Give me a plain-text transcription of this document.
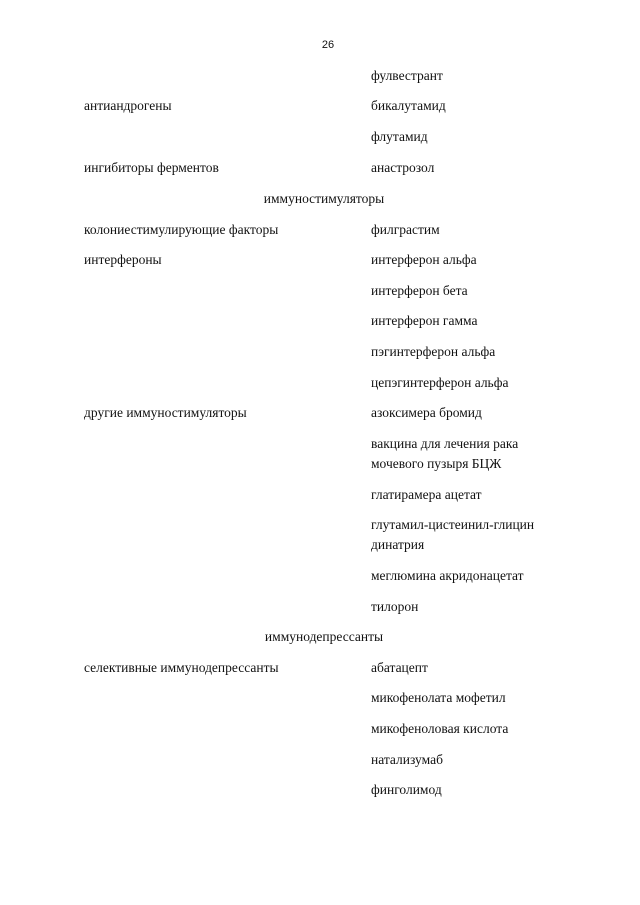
26
фулвестрант
антиандрогены	бикалутамид
флутамид
ингибиторы ферментов	анастрозол
иммуностимуляторы
колониестимулирующие факторы	филграстим
интерфероны	интерферон альфа
интерферон бета
интерферон гамма
пэгинтерферон альфа
цепэгинтерферон альфа
другие иммуностимуляторы	азоксимера бромид
вакцина для лечения рака
мочевого пузыря БЦЖ
глатирамера ацетат
глутамил-цистеинил-глицин
динатрия
меглюмина акридонацетат
тилорон
иммунодепрессанты
селективные иммунодепрессанты	абатацепт
микофенолата мофетил
микофеноловая кислота
натализумаб
финголимод
